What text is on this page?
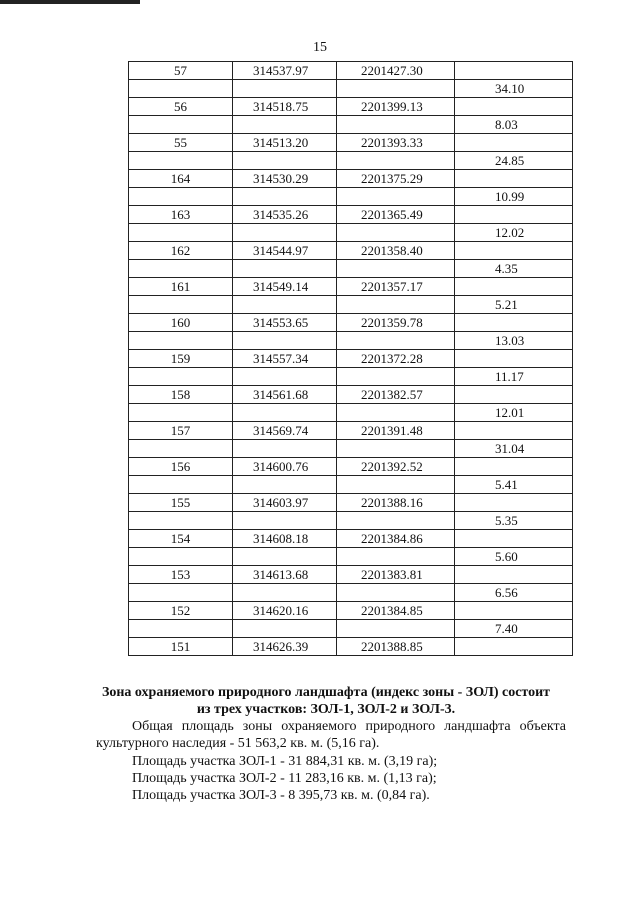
15
57	314537.97	2201427.30	
			34.10
56	314518.75	2201399.13	
			8.03
55	314513.20	2201393.33	
			24.85
164	314530.29	2201375.29	
			10.99
163	314535.26	2201365.49	
			12.02
162	314544.97	2201358.40	
			4.35
161	314549.14	2201357.17	
			5.21
160	314553.65	2201359.78	
			13.03
159	314557.34	2201372.28	
			11.17
158	314561.68	2201382.57	
			12.01
157	314569.74	2201391.48	
			31.04
156	314600.76	2201392.52	
			5.41
155	314603.97	2201388.16	
			5.35
154	314608.18	2201384.86	
			5.60
153	314613.68	2201383.81	
			6.56
152	314620.16	2201384.85	
			7.40
151	314626.39	2201388.85	
Зона охраняемого природного ландшафта (индекс зоны - ЗОЛ) состоит из трех участков: ЗОЛ-1, ЗОЛ-2 и ЗОЛ-3.
Общая площадь зоны охраняемого природного ландшафта объекта культурного наследия - 51 563,2 кв. м. (5,16 га).
Площадь участка ЗОЛ-1 - 31 884,31 кв. м. (3,19 га);
Площадь участка ЗОЛ-2 - 11 283,16 кв. м. (1,13 га);
Площадь участка ЗОЛ-3 - 8 395,73 кв. м. (0,84 га).
